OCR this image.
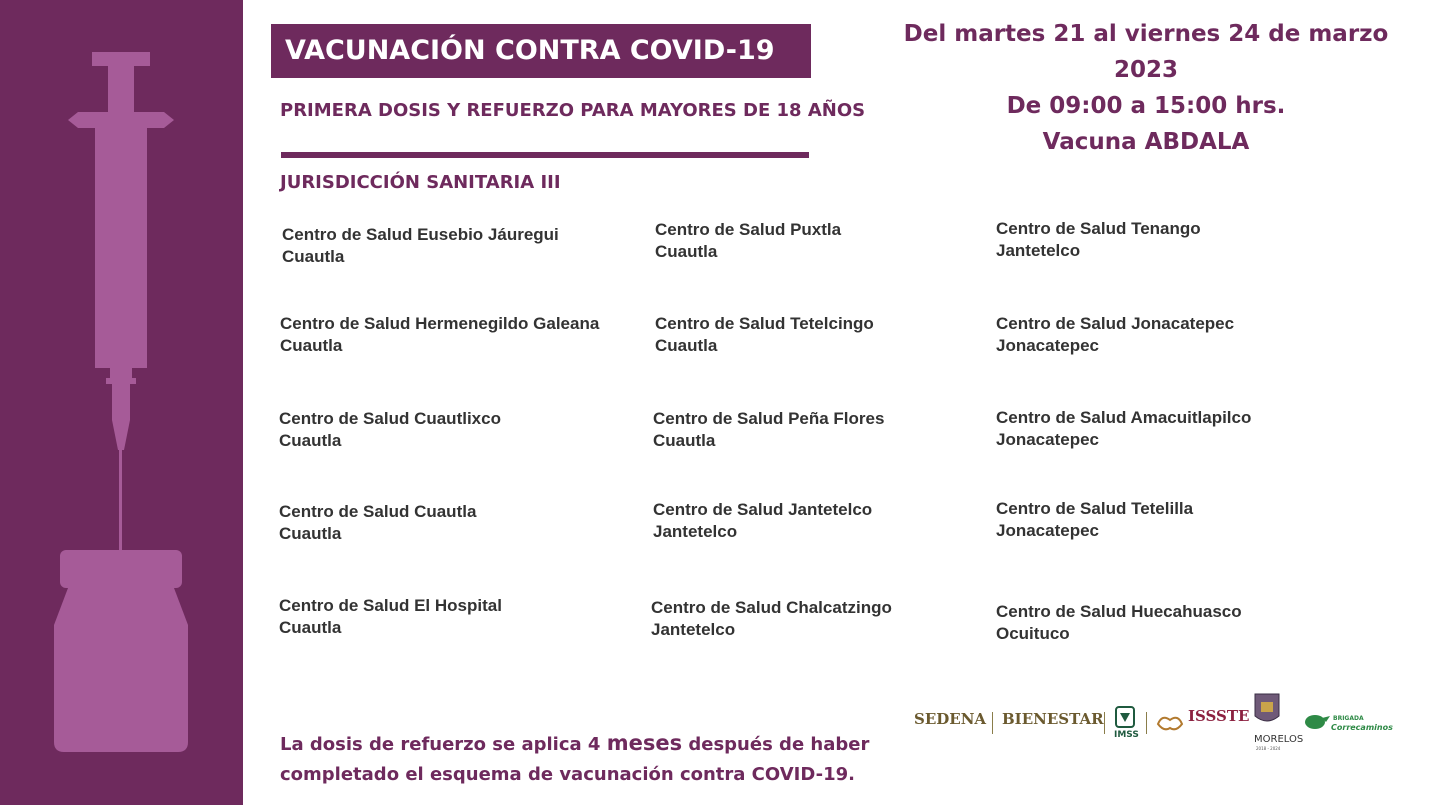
VACUNACIÓN CONTRA COVID-19
PRIMERA DOSIS Y REFUERZO PARA MAYORES DE 18 AÑOS
JURISDICCIÓN SANITARIA III
Del martes 21 al viernes 24 de marzo 2023
De 09:00 a 15:00 hrs.
Vacuna ABDALA
Centro de Salud Eusebio Jáuregui
Cuautla
Centro de Salud Puxtla
Cuautla
Centro de Salud Tenango
Jantetelco
Centro de Salud Hermenegildo Galeana
Cuautla
Centro de Salud Tetelcingo
Cuautla
Centro de Salud Jonacatepec
Jonacatepec
Centro de Salud Cuautlixco
Cuautla
Centro de Salud Peña Flores
Cuautla
Centro de Salud Amacuitlapilco
Jonacatepec
Centro de Salud Cuautla
Cuautla
Centro de Salud Jantetelco
Jantetelco
Centro de Salud Tetelilla
Jonacatepec
Centro de Salud El Hospital
Cuautla
Centro de Salud Chalcatzingo
Jantetelco
Centro de Salud Huecahuasco
Ocuituco
La dosis de refuerzo se aplica 4 meses después de haber
completado el esquema de vacunación contra COVID-19.
SEDENA BIENESTAR
IMSS
ISSSTE
MORELOS
2018 - 2024
BRIGADA
Correcaminos
